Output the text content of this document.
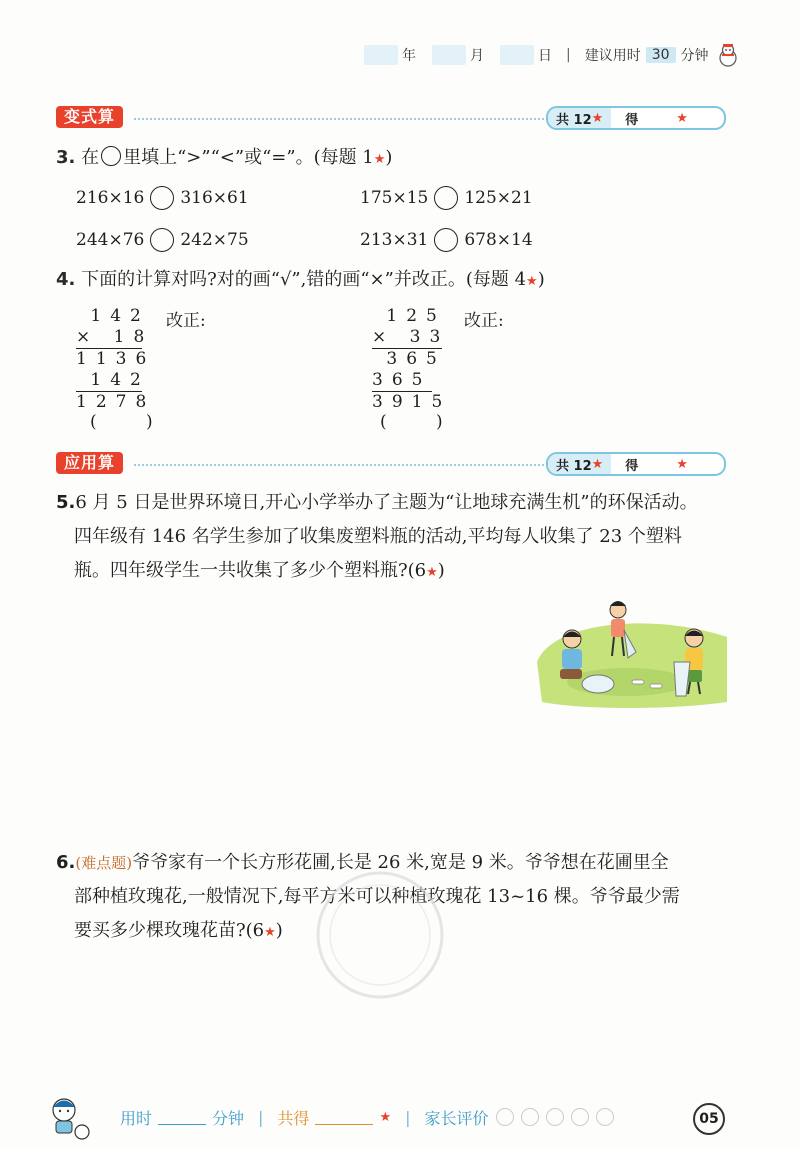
年	月	日 | 建议用时 30 分钟
变式算	共 12 ★ 得	★
3. 在 里填上“>”“<”或“=”。(每题 1★)
216×16 316×61	175×15 125×21
244×76 242×75	213×31 678×14
4. 下面的计算对吗?对的画“√”,错的画“×”并改正。(每题 4★)
142
× 18
1136
142
1278
( )
改正:	125
× 33
365
365
3915
( )
改正:
应用算	共 12 ★ 得	★
5.6 月 5 日是世界环境日,开心小学举办了主题为“让地球充满生机”的环保活动。
四年级有 146 名学生参加了收集废塑料瓶的活动,平均每人收集了 23 个塑料
瓶。四年级学生一共收集了多少个塑料瓶?(6★)
6.(难点题)爷爷家有一个长方形花圃,长是 26 米,宽是 9 米。爷爷想在花圃里全
部种植玫瑰花,一般情况下,每平方米可以种植玫瑰花 13~16 棵。爷爷最少需
要买多少棵玫瑰花苗?(6★)
用时	分钟 | 共得	★ | 家长评价	05
